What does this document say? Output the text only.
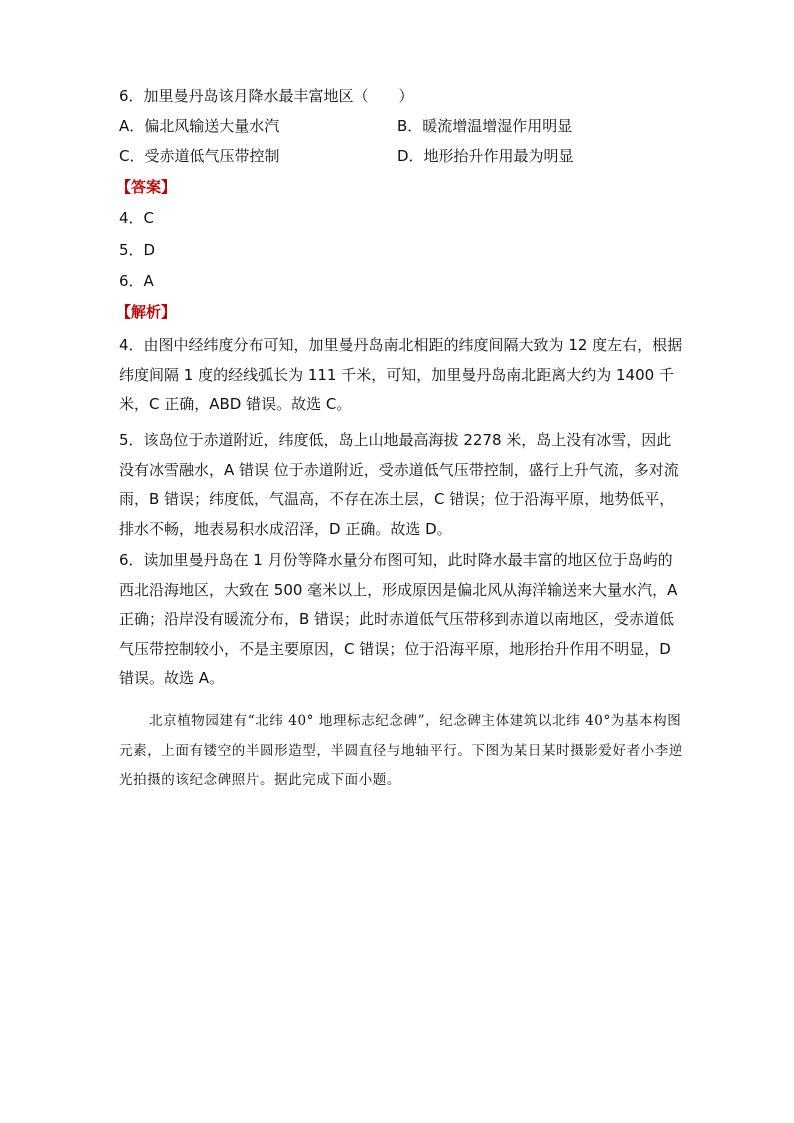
6．加里曼丹岛该月降水最丰富地区（　　）
A．偏北风输送大量水汽	B．暖流增温增湿作用明显
C．受赤道低气压带控制	D．地形抬升作用最为明显
【答案】
4．C
5．D
6．A
【解析】
4．由图中经纬度分布可知，加里曼丹岛南北相距的纬度间隔大致为 12 度左右，根据纬度间隔 1 度的经线弧长为 111 千米，可知，加里曼丹岛南北距离大约为 1400 千米，C 正确，ABD 错误。故选 C。
5．该岛位于赤道附近，纬度低，岛上山地最高海拔 2278 米，岛上没有冰雪，因此没有冰雪融水，A 错误 位于赤道附近，受赤道低气压带控制，盛行上升气流，多对流雨，B 错误；纬度低，气温高，不存在冻土层，C 错误；位于沿海平原，地势低平，排水不畅，地表易积水成沼泽，D 正确。故选 D。
6．读加里曼丹岛在 1 月份等降水量分布图可知，此时降水最丰富的地区位于岛屿的西北沿海地区，大致在 500 毫米以上，形成原因是偏北风从海洋输送来大量水汽，A 正确；沿岸没有暖流分布，B 错误；此时赤道低气压带移到赤道以南地区，受赤道低气压带控制较小，不是主要原因，C 错误；位于沿海平原，地形抬升作用不明显，D 错误。故选 A。
北京植物园建有“北纬 40° 地理标志纪念碑”，纪念碑主体建筑以北纬 40°为基本构图元素，上面有镂空的半圆形造型，半圆直径与地轴平行。下图为某日某时摄影爱好者小李逆光拍摄的该纪念碑照片。据此完成下面小题。
